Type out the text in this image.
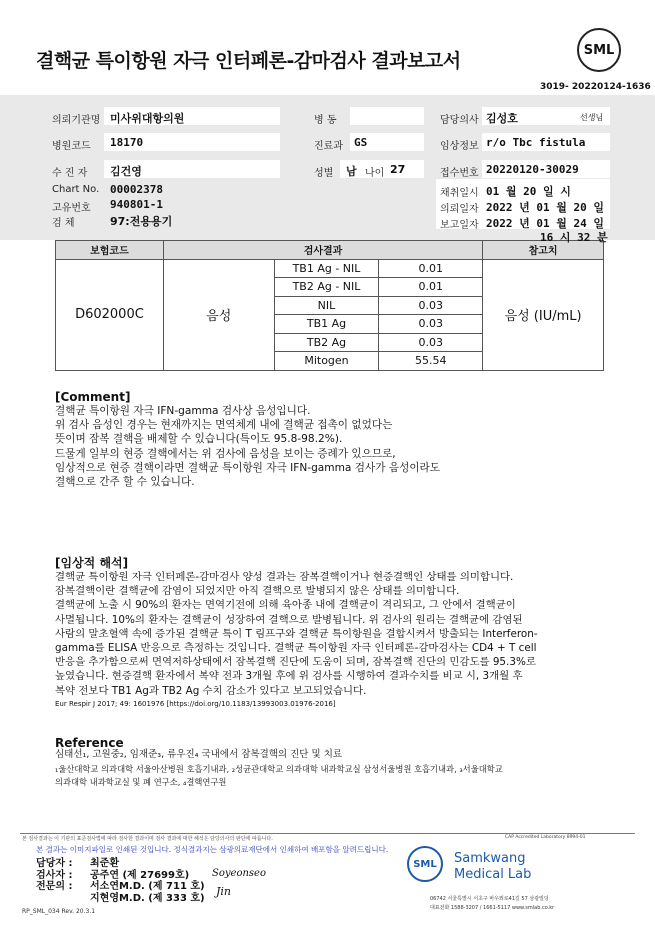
결핵균 특이항원 자극 인터페론-감마검사 결과보고서	SML
3019- 20220124-1636
의뢰기관명 미사위대항의원
병원코드 18170
수 진 자 김건영
Chart No. 00002378
고유번호 940801-1
검 체	97:전용용기
병 동
진료과 GS
성별 남 나이 27
담당의사 김성호	선생님
임상정보 r/o Tbc fistula
접수번호 20220120-30029
채취일시 01 월 20 일 시
의뢰일자 2022 년 01 월 20 일
보고일자 2022 년 01 월 24 일
16 시 32 분
보험코드	검사결과			참고치
D602000C	음성	TB1 Ag - NIL	0.01	음성 (IU/mL)
		TB2 Ag - NIL	0.01	
		NIL	0.03	
		TB1 Ag	0.03	
		TB2 Ag	0.03	
		Mitogen	55.54	
[Comment]
결핵균 특이항원 자극 IFN-gamma 검사상 음성입니다.
위 검사 음성인 경우는 현재까지는 면역체계 내에 결핵균 접촉이 없었다는
뜻이며 잠복 결핵을 배제할 수 있습니다(특이도 95.8-98.2%).
드물게 일부의 현증 결핵에서는 위 검사에 음성을 보이는 증례가 있으므로,
임상적으로 현증 결핵이라면 결핵균 특이항원 자극 IFN-gamma 검사가 음성이라도
결핵으로 간주 할 수 있습니다.
[임상적 해석]
결핵균 특이항원 자극 인터페론-감마검사 양성 결과는 잠복결핵이거나 현증결핵인 상태를 의미합니다.
잠복결핵이란 결핵균에 감염이 되었지만 아직 결핵으로 발병되지 않은 상태를 의미합니다.
결핵균에 노출 시 90%의 환자는 면역기전에 의해 육아종 내에 결핵균이 격리되고, 그 안에서 결핵균이
사멸됩니다. 10%의 환자는 결핵균이 성장하여 결핵으로 발병됩니다. 위 검사의 원리는 결핵균에 감염된
사람의 말초혈액 속에 증가된 결핵균 특이 T 림프구와 결핵균 특이항원을 결합시켜서 방출되는 Interferon-
gamma를 ELISA 반응으로 측정하는 것입니다. 결핵균 특이항원 자극 인터페론-감마검사는 CD4 + T cell
반응을 추가함으로써 면역저하상태에서 잠복결핵 진단에 도움이 되며, 잠복결핵 진단의 민감도를 95.3%로
높였습니다. 현증결핵 환자에서 복약 전과 3개월 후에 위 검사를 시행하여 결과수치를 비교 시, 3개월 후
복약 전보다 TB1 Ag과 TB2 Ag 수치 감소가 있다고 보고되었습니다.
Eur Respir J 2017; 49: 1601976 [https://doi.org/10.1183/13993003.01976-2016]
Reference
심태선₁, 고원중₂, 임재준₃, 류우진₄ 국내에서 잠복결핵의 진단 및 치료
₁울산대학교 의과대학 서울아산병원 호흡기내과, ₂성균관대학교 의과대학 내과학교실 삼성서울병원 호흡기내과, ₃서울대학교
의과대학 내과학교실 및 폐 연구소, ₄결핵연구원
본 검사결과는 이 기관의 표준검사법에 따라 검사한 결과이며 검사 결과에 대한 해석은 담당의사의 판단에 따릅니다.	CAP Accredited Laboratory 8994-01
본 결과는 이미지파일로 인쇄된 것입니다. 정식결과지는 삼광의료재단에서 인쇄하여 배포함을 알려드립니다.
담당자 : 최준환
검사자 : 공주연 (제 27699호)
전문의 : 서소연M.D. (제 711 호)
지현영M.D. (제 333 호)
Soyeonseo
Jin
SML Samkwang
Medical Lab
06742 서울특별시 서초구 바우뫼로41길 57 삼광빌딩
대표전화 1588-3207 / 1661-5117 www.smlab.co.kr
RP_SML_034 Rev. 20.3.1
